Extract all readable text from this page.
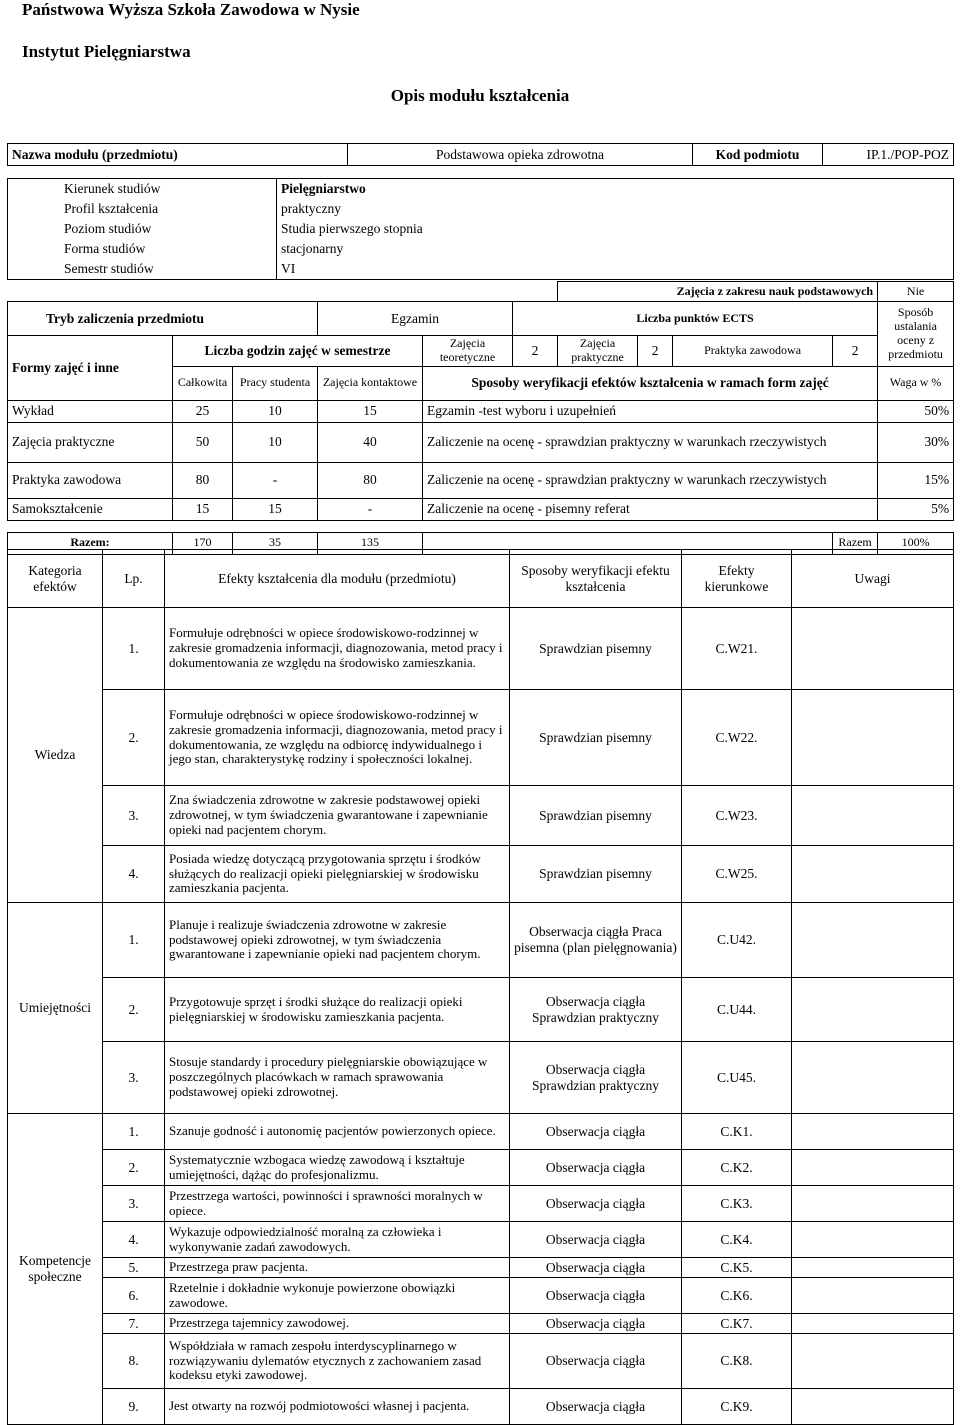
Państwowa Wyższa Szkoła Zawodowa w Nysie
Instytut Pielęgniarstwa
Opis modułu kształcenia
Nazwa modułu (przedmiotu)	Podstawowa opieka zdrowotna	Kod podmiotu	IP.1./POP-POZ
Kierunek studiów	Pielęgniarstwo
Profil kształcenia	praktyczny
Poziom studiów	Studia pierwszego stopnia
Forma studiów	stacjonarny
Semestr studiów	VI
						Zajęcia z zakresu nauk podstawowych				Nie
Tryb zaliczenia przedmiotu			Egzamin		Liczba punktów ECTS					Sposób ustalania oceny z przedmiotu
Formy zajęć i inne	Liczba godzin zajęć w semestrze			Zajęcia teoretyczne	2	Zajęcia praktyczne	2	Praktyka zawodowa	2	
	Całkowita	Pracy studenta	Zajęcia kontaktowe	Sposoby weryfikacji efektów kształcenia w ramach form zajęć						Waga w %
Wykład	25	10	15	Egzamin -test wyboru i uzupełnień						50%
Zajęcia praktyczne	50	10	40	Zaliczenie na ocenę - sprawdzian praktyczny w warunkach rzeczywistych						30%
Praktyka zawodowa	80	-	80	Zaliczenie na ocenę - sprawdzian praktyczny w warunkach rzeczywistych						15%
Samokształcenie	15	15	-	Zaliczenie na ocenę - pisemny referat						5%

Razem:	170	35	135						Razem	100%
Kategoria efektów	Lp.	Efekty kształcenia dla modułu (przedmiotu)	Sposoby weryfikacji efektu kształcenia	Efekty kierunkowe	Uwagi
Wiedza	1.	Formułuje odrębności w opiece środowiskowo-rodzinnej w zakresie gromadzenia informacji, diagnozowania, metod pracy i dokumentowania ze względu na środowisko zamieszkania.	Sprawdzian pisemny	C.W21.	
	2.	Formułuje odrębności w opiece środowiskowo-rodzinnej w zakresie gromadzenia informacji, diagnozowania, metod pracy i dokumentowania, ze względu na odbiorcę indywidualnego i jego stan, charakterystykę rodziny i społeczności lokalnej.	Sprawdzian pisemny	C.W22.	
	3.	Zna świadczenia zdrowotne w zakresie podstawowej opieki zdrowotnej, w tym świadczenia gwarantowane i zapewnianie opieki nad pacjentem chorym.	Sprawdzian pisemny	C.W23.	
	4.	Posiada wiedzę dotyczącą przygotowania sprzętu i środków służących do realizacji opieki pielęgniarskiej w środowisku zamieszkania pacjenta.	Sprawdzian pisemny	C.W25.	
Umiejętności	1.	Planuje i realizuje świadczenia zdrowotne w zakresie podstawowej opieki zdrowotnej, w tym świadczenia gwarantowane i zapewnianie opieki nad pacjentem chorym.	Obserwacja ciągła Praca pisemna (plan pielęgnowania)	C.U42.	
	2.	Przygotowuje sprzęt i środki służące do realizacji opieki pielęgniarskiej w środowisku zamieszkania pacjenta.	Obserwacja ciągła Sprawdzian praktyczny	C.U44.	
	3.	Stosuje standardy i procedury pielęgniarskie obowiązujące w poszczególnych placówkach w ramach sprawowania podstawowej opieki zdrowotnej.	Obserwacja ciągła Sprawdzian praktyczny	C.U45.	
Kompetencje społeczne	1.	Szanuje godność i autonomię pacjentów powierzonych opiece.	Obserwacja ciągła	C.K1.	
	2.	Systematycznie wzbogaca wiedzę zawodową i kształtuje umiejętności, dążąc do profesjonalizmu.	Obserwacja ciągła	C.K2.	
	3.	Przestrzega wartości, powinności i sprawności moralnych w opiece.	Obserwacja ciągła	C.K3.	
	4.	Wykazuje odpowiedzialność moralną za człowieka i wykonywanie zadań zawodowych.	Obserwacja ciągła	C.K4.	
	5.	Przestrzega praw pacjenta.	Obserwacja ciągła	C.K5.	
	6.	Rzetelnie i dokładnie wykonuje powierzone obowiązki zawodowe.	Obserwacja ciągła	C.K6.	
	7.	Przestrzega tajemnicy zawodowej.	Obserwacja ciągła	C.K7.	
	8.	Współdziała w ramach zespołu interdyscyplinarnego w rozwiązywaniu dylematów etycznych z zachowaniem zasad kodeksu etyki zawodowej.	Obserwacja ciągła	C.K8.	
	9.	Jest otwarty na rozwój podmiotowości własnej i pacjenta.	Obserwacja ciągła	C.K9.	
